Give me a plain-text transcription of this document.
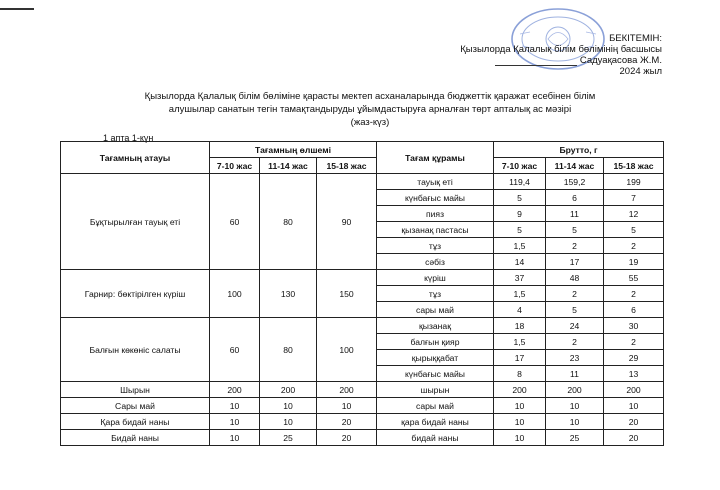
БЕКІТЕМІН:
Қызылорда Қалалық білім бөлімінің басшысы
Садуақасова Ж.М.
2024 жыл
Қызылорда Қалалық білім бөліміне қарасты мектеп асханаларында бюджеттік қаражат есебінен білім
алушылар санатын тегін тамақтандыруды ұйымдастыруға арналған төрт апталық ас мәзірі
(жаз-күз)
1 апта 1-күн
Тағамның атауы	Тағамның өлшемі			Тағам құрамы	Брутто, г		
	7-10 жас	11-14 жас	15-18 жас		7-10 жас	11-14 жас	15-18 жас
Бұқтырылған тауық еті	60	80	90	тауық еті	119,4	159,2	199
				күнбағыс майы	5	6	7
				пияз	9	11	12
				қызанақ пастасы	5	5	5
				тұз	1,5	2	2
				сәбіз	14	17	19
Гарнир: бөктірілген күріш	100	130	150	күріш	37	48	55
				тұз	1,5	2	2
				сары май	4	5	6
Балғын көкөніс салаты	60	80	100	қызанақ	18	24	30
				балғын қияр	1,5	2	2
				қырыққабат	17	23	29
				күнбағыс майы	8	11	13
Шырын	200	200	200	шырын	200	200	200
Сары май	10	10	10	сары май	10	10	10
Қара бидай наны	10	10	20	қара бидай наны	10	10	20
Бидай наны	10	25	20	бидай наны	10	25	20
